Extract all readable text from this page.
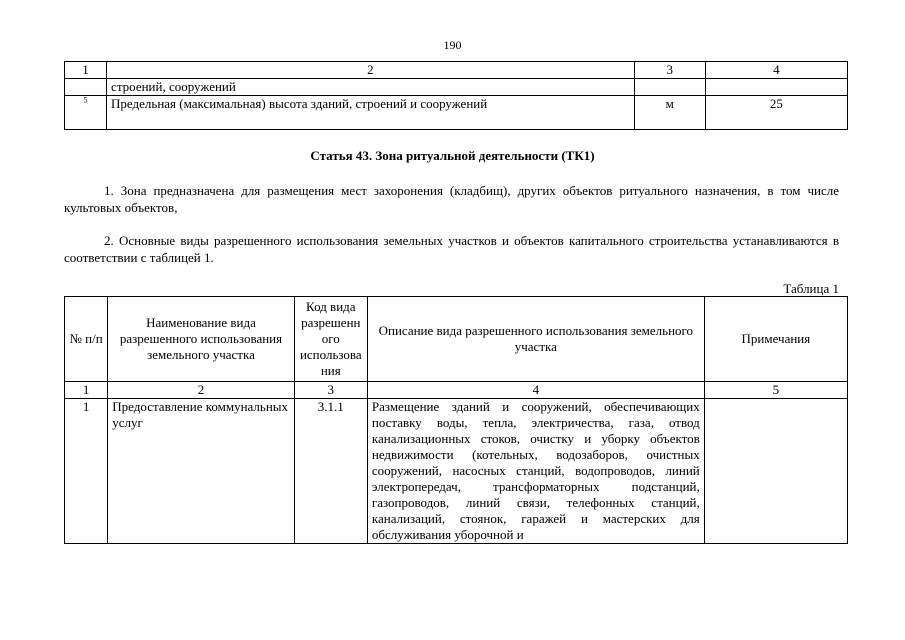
190
1	2	3	4
	строений, сооружений		
$^5$	Предельная (максимальная) высота зданий, строений и сооружений	м	25
Статья 43. Зона ритуальной деятельности (ТК1)

1. Зона предназначена для размещения мест захоронения (кладбищ), других объектов ритуального назначения, в том числе культовых объектов,

2. Основные виды разрешенного использования земельных участков и объектов капитального строительства устанавливаются в соответствии с таблицей 1.

Таблица 1
№ п/п	Наименование вида разрешенного использования земельного участка	Код вида
разрешенн
ого
использова
ния	Описание вида разрешенного использования земельного участка	Примечания
1	2	3	4	5
1	Предоставление коммунальных услуг	3.1.1	Размещение зданий и сооружений, обеспечивающих поставку воды, тепла, электричества, газа, отвод канализационных стоков, очистку и уборку объектов недвижимости (котельных, водозаборов, очистных сооружений, насосных станций, водопроводов, линий электропередач, трансформаторных подстанций, газопроводов, линий связи, телефонных станций, канализаций, стоянок, гаражей и мастерских для обслуживания уборочной и	
